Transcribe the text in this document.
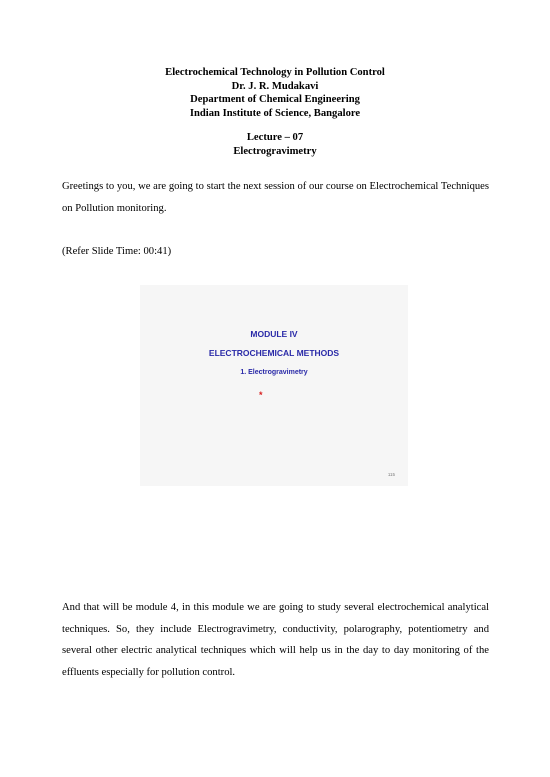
Electrochemical Technology in Pollution Control
Dr. J. R. Mudakavi
Department of Chemical Engineering
Indian Institute of Science, Bangalore
Lecture – 07
Electrogravimetry

Greetings to you, we are going to start the next session of our course on Electrochemical Techniques on Pollution monitoring.

(Refer Slide Time: 00:41)

MODULE IV
ELECTROCHEMICAL METHODS
1. Electrogravimetry
*
115

And that will be module 4, in this module we are going to study several electrochemical analytical techniques. So, they include Electrogravimetry, conductivity, polarography, potentiometry and several other electric analytical techniques which will help us in the day to day monitoring of the effluents especially for pollution control.
